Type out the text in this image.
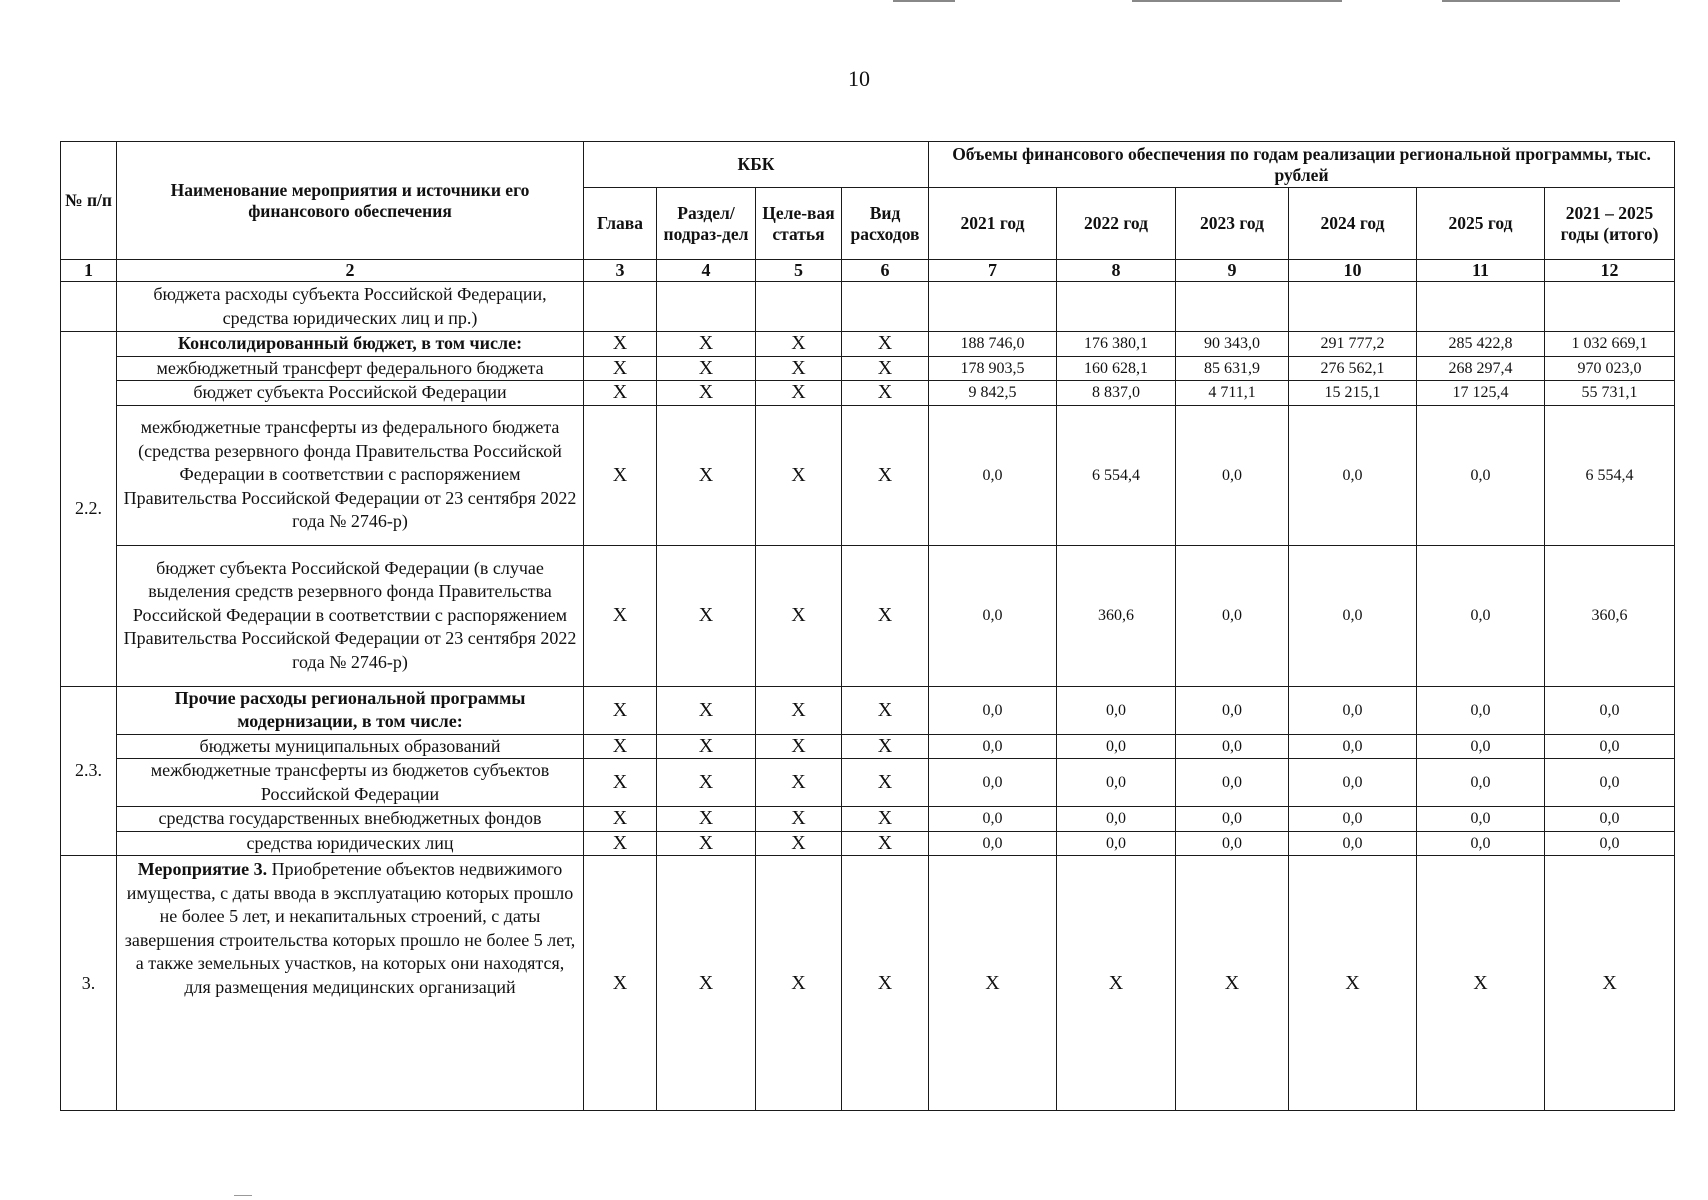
10
№ п/п	Наименование мероприятия и источники его финансового обеспечения	КБК				Объемы финансового обеспечения по годам реализации региональной программы, тыс. рублей					
		Глава	Раздел/ подраз-дел	Целе-вая статья	Вид расходов	2021 год	2022 год	2023 год	2024 год	2025 год	2021 – 2025 годы (итого)
1	2	3	4	5	6	7	8	9	10	11	12
	бюджета расходы субъекта Российской Федерации, средства юридических лиц и пр.)										
2.2.	Консолидированный бюджет, в том числе:	X	X	X	X	188 746,0	176 380,1	90 343,0	291 777,2	285 422,8	1 032 669,1
	межбюджетный трансферт федерального бюджета	X	X	X	X	178 903,5	160 628,1	85 631,9	276 562,1	268 297,4	970 023,0
	бюджет субъекта Российской Федерации	X	X	X	X	9 842,5	8 837,0	4 711,1	15 215,1	17 125,4	55 731,1
	межбюджетные трансферты из федерального бюджета (средства резервного фонда Правительства Российской Федерации в соответствии с распоряжением Правительства Российской Федерации от 23 сентября 2022 года № 2746-р)	X	X	X	X	0,0	6 554,4	0,0	0,0	0,0	6 554,4
	бюджет субъекта Российской Федерации (в случае выделения средств резервного фонда Правительства Российской Федерации в соответствии с распоряжением Правительства Российской Федерации от 23 сентября 2022 года № 2746-р)	X	X	X	X	0,0	360,6	0,0	0,0	0,0	360,6
2.3.	Прочие расходы региональной программы модернизации, в том числе:	X	X	X	X	0,0	0,0	0,0	0,0	0,0	0,0
	бюджеты муниципальных образований	X	X	X	X	0,0	0,0	0,0	0,0	0,0	0,0
	межбюджетные трансферты из бюджетов субъектов Российской Федерации	X	X	X	X	0,0	0,0	0,0	0,0	0,0	0,0
	средства государственных внебюджетных фондов	X	X	X	X	0,0	0,0	0,0	0,0	0,0	0,0
	средства юридических лиц	X	X	X	X	0,0	0,0	0,0	0,0	0,0	0,0
3.	Мероприятие 3. Приобретение объектов недвижимого имущества, с даты ввода в эксплуатацию которых прошло не более 5 лет, и некапитальных строений, с даты завершения строительства которых прошло не более 5 лет, а также земельных участков, на которых они находятся, для размещения медицинских организаций	X	X	X	X	X	X	X	X	X	X
